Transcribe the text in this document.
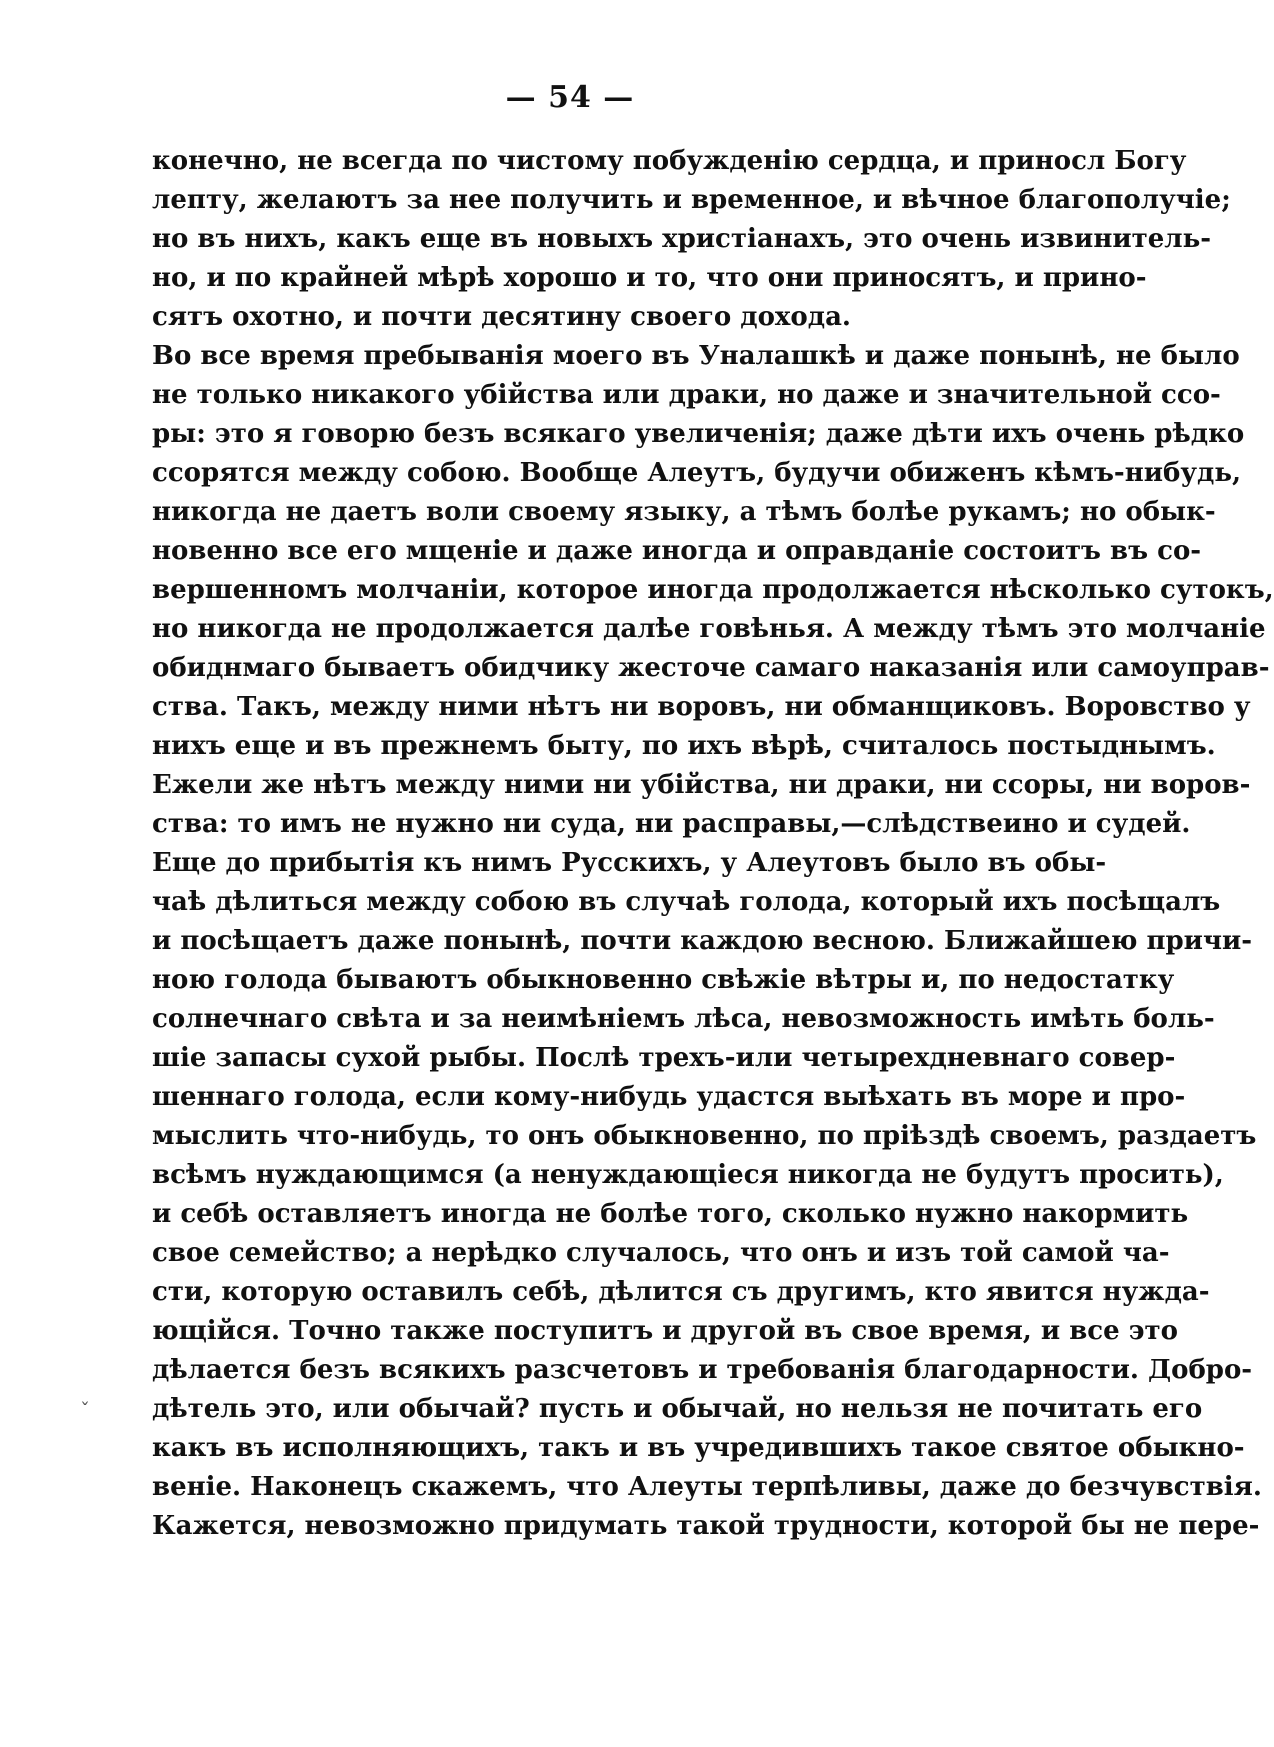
— 54 —
конечно, не всегда по чистому побужденiю сердца, и приносл Богу
лепту, желаютъ за нее получить и временное, и вѣчное благополучiе;
но въ нихъ, какъ еще въ новыхъ христiанахъ, это очень извинитель-
но, и по крайней мѣрѣ хорошо и то, что они приносятъ, и прино-
сятъ охотно, и почти десятину своего дохода.
Во все время пребыванiя моего въ Уналашкѣ и даже понынѣ, не было
не только никакого убiйства или драки, но даже и значительной ссо-
ры: это я говорю безъ всякаго увеличенiя; даже дѣти ихъ очень рѣдко
ссорятся между собою. Вообще Алеутъ, будучи обиженъ кѣмъ-нибудь,
никогда не даетъ воли своему языку, а тѣмъ болѣе рукамъ; но обык-
новенно все его мщенiе и даже иногда и оправданiе состоитъ въ со-
вершенномъ молчанiи, которое иногда продолжается нѣсколько сутокъ,
но никогда не продолжается далѣе говѣнья. А между тѣмъ это молчанiе
обиднмаго бываетъ обидчику жесточе самаго наказанiя или самоуправ-
ства. Такъ, между ними нѣтъ ни воровъ, ни обманщиковъ. Воровство у
нихъ еще и въ прежнемъ быту, по ихъ вѣрѣ, считалось постыднымъ.
Ежели же нѣтъ между ними ни убiйства, ни драки, ни ссоры, ни воров-
ства: то имъ не нужно ни суда, ни расправы,—слѣдствеино и судей.
Еще до прибытiя къ нимъ Русскихъ, у Алеутовъ было въ обы-
чаѣ дѣлиться между собою въ случаѣ голода, который ихъ посѣщалъ
и посѣщаетъ даже понынѣ, почти каждою весною. Ближайшею причи-
ною голода бываютъ обыкновенно свѣжiе вѣтры и, по недостатку
солнечнаго свѣта и за неимѣнiемъ лѣса, невозможность имѣть боль-
шiе запасы сухой рыбы. Послѣ трехъ-или четырехдневнаго совер-
шеннаго голода, если кому-нибудь удастся выѣхать въ море и про-
мыслить что-нибудь, то онъ обыкновенно, по прiѣздѣ своемъ, раздаетъ
всѣмъ нуждающимся (а ненуждающiеся никогда не будутъ просить),
и себѣ оставляетъ иногда не болѣе того, сколько нужно накормить
свое семейство; а нерѣдко случалось, что онъ и изъ той самой ча-
сти, которую оставилъ себѣ, дѣлится съ другимъ, кто явится нужда-
ющiйся. Точно также поступитъ и другой въ свое время, и все это
дѣлается безъ всякихъ разсчетовъ и требованiя благодарности. Добро-
дѣтель это, или обычай? пусть и обычай, но нельзя не почитать его
какъ въ исполняющихъ, такъ и въ учредившихъ такое святое обыкно-
венiе. Наконецъ скажемъ, что Алеуты терпѣливы, даже до безчувствiя.
Кажется, невозможно придумать такой трудности, которой бы не пере-
ˇ
